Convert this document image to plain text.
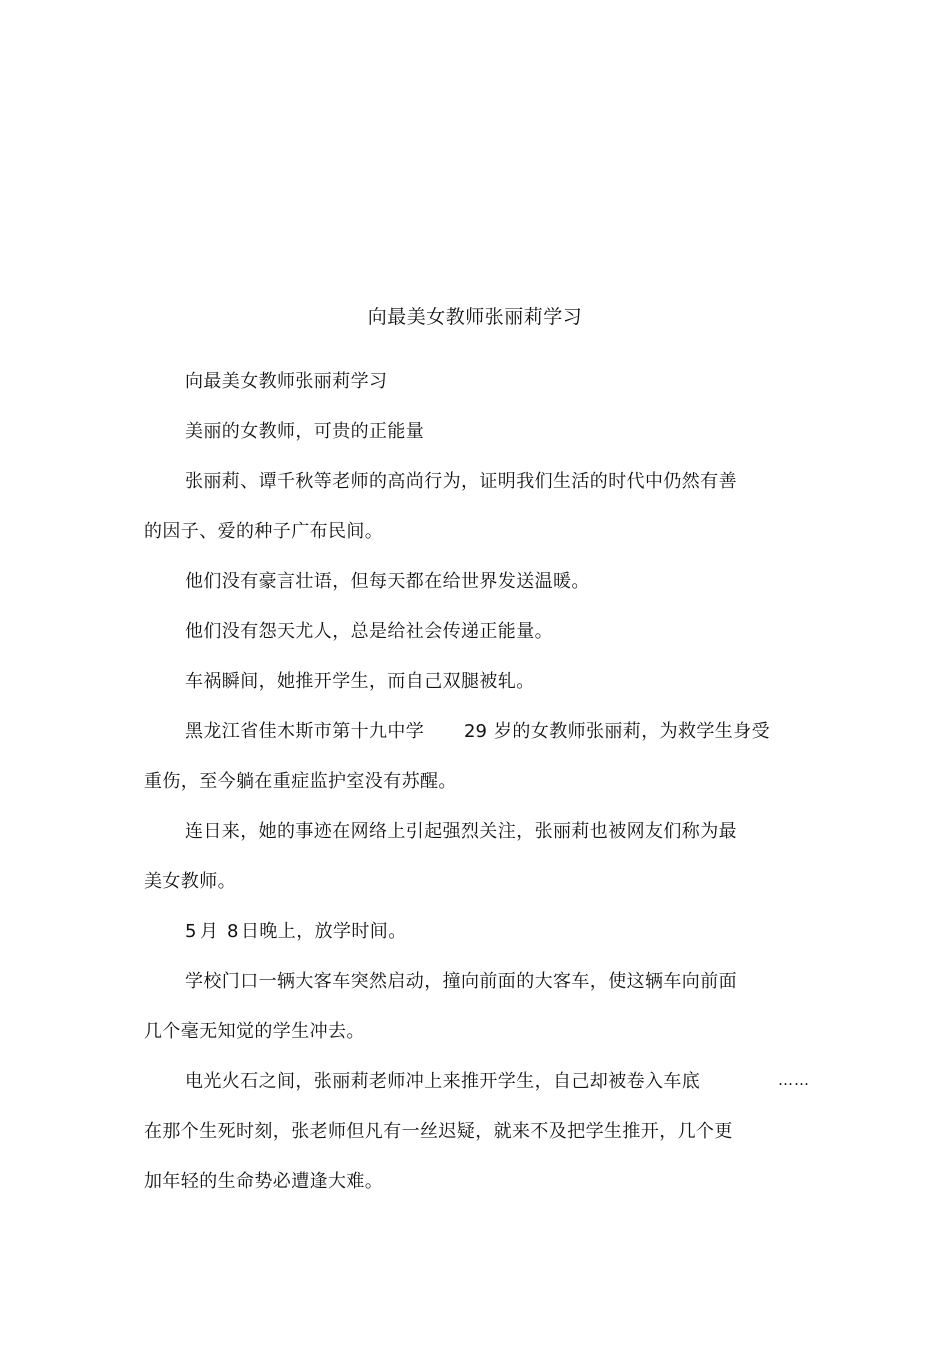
向最美女教师张丽莉学习
向最美女教师张丽莉学习
美丽的女教师，可贵的正能量
张丽莉、谭千秋等老师的高尚行为，证明我们生活的时代中仍然有善
的因子、爱的种子广布民间。
他们没有豪言壮语，但每天都在给世界发送温暖。
他们没有怨天尤人，总是给社会传递正能量。
车祸瞬间，她推开学生，而自己双腿被轧。
黑龙江省佳木斯市第十九中学 29 岁的女教师张丽莉，为救学生身受
重伤，至今躺在重症监护室没有苏醒。
连日来，她的事迹在网络上引起强烈关注，张丽莉也被网友们称为最
美女教师。
5 月 8 日晚上，放学时间。
学校门口一辆大客车突然启动，撞向前面的大客车，使这辆车向前面
几个毫无知觉的学生冲去。
电光火石之间，张丽莉老师冲上来推开学生，自己却被卷入车底	……
在那个生死时刻，张老师但凡有一丝迟疑，就来不及把学生推开，几个更
加年轻的生命势必遭逢大难。
